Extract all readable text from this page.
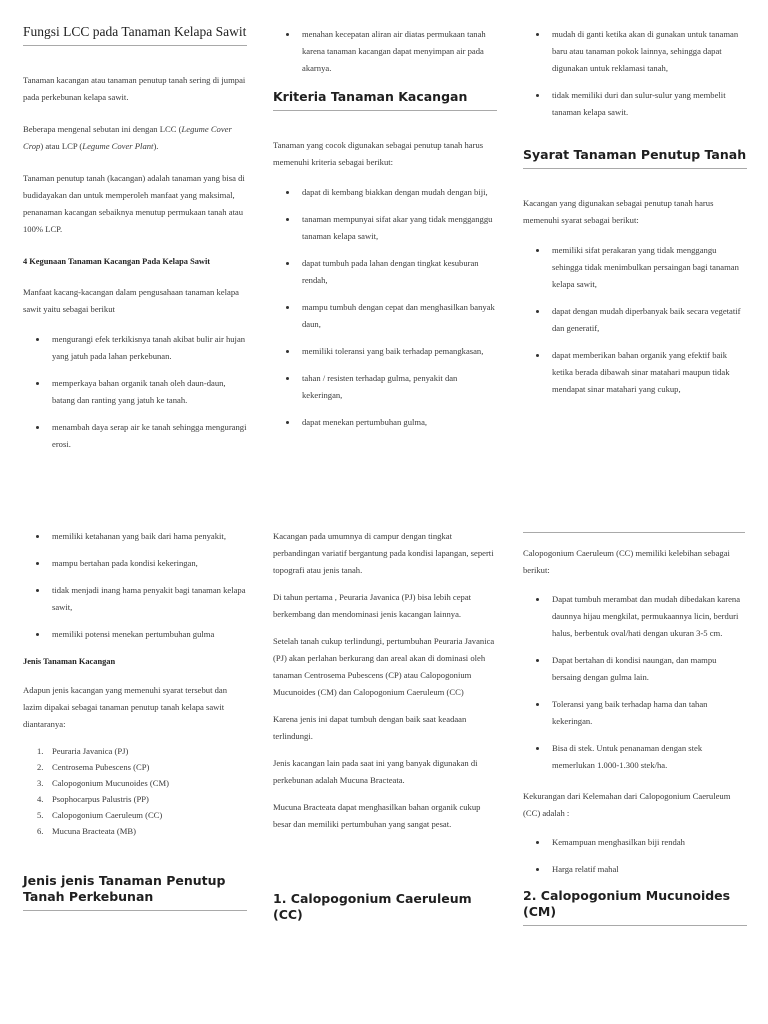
Fungsi LCC pada Tanaman Kelapa Sawit

Tanaman kacangan atau tanaman penutup tanah sering di jumpai pada perkebunan kelapa sawit.

Beberapa mengenal sebutan ini dengan LCC (Legume Cover Crop) atau LCP (Legume Cover Plant).

Tanaman penutup tanah (kacangan) adalah tanaman yang bisa di budidayakan dan untuk memperoleh manfaat yang maksimal, penanaman kacangan sebaiknya menutup permukaan tanah atau 100% LCP.

4 Kegunaan Tanaman Kacangan Pada Kelapa Sawit

Manfaat kacang-kacangan dalam pengusahaan tanaman kelapa sawit yaitu sebagai berikut

mengurangi efek terkikisnya tanah akibat bulir air hujan yang jatuh pada lahan perkebunan.
memperkaya bahan organik tanah oleh daun-daun, batang dan ranting yang jatuh ke tanah.
menambah daya serap air ke tanah sehingga mengurangi erosi.
menahan kecepatan aliran air diatas permukaan tanah karena tanaman kacangan dapat menyimpan air pada akarnya.
Kriteria Tanaman Kacangan

Tanaman yang cocok digunakan sebagai penutup tanah harus memenuhi kriteria sebagai berikut:

dapat di kembang biakkan dengan mudah dengan biji,
tanaman mempunyai sifat akar yang tidak mengganggu tanaman kelapa sawit,
dapat tumbuh pada lahan dengan tingkat kesuburan rendah,
mampu tumbuh dengan cepat dan menghasilkan banyak daun,
memiliki toleransi yang baik terhadap pemangkasan,
tahan / resisten terhadap gulma, penyakit dan kekeringan,
dapat menekan pertumbuhan gulma,
mudah di ganti ketika akan di gunakan untuk tanaman baru atau tanaman pokok lainnya, sehingga dapat digunakan untuk reklamasi tanah,
tidak memiliki duri dan sulur-sulur yang membelit tanaman kelapa sawit.
Syarat Tanaman Penutup Tanah

Kacangan yang digunakan sebagai penutup tanah harus memenuhi syarat sebagai berikut:

memiliki sifat perakaran yang tidak menggangu sehingga tidak menimbulkan persaingan bagi tanaman kelapa sawit,
dapat dengan mudah diperbanyak baik secara vegetatif dan generatif,
dapat memberikan bahan organik yang efektif baik ketika berada dibawah sinar matahari maupun tidak mendapat sinar matahari yang cukup,
memiliki ketahanan yang baik dari hama penyakit,
mampu bertahan pada kondisi kekeringan,
tidak menjadi inang hama penyakit bagi tanaman kelapa sawit,
memiliki potensi menekan pertumbuhan gulma

Jenis Tanaman Kacangan

Adapun jenis kacangan yang memenuhi syarat tersebut dan lazim dipakai sebagai tanaman penutup tanah kelapa sawit diantaranya:

1. Peuraria Javanica (PJ)
2. Centrosema Pubescens (CP)
3. Calopogonium Mucunoides (CM)
4. Psophocarpus Palustris (PP)
5. Calopogonium Caeruleum (CC)
6. Mucuna Bracteata (MB)
Jenis jenis Tanaman Penutup Tanah Perkebunan

Kacangan pada umumnya di campur dengan tingkat perbandingan variatif bergantung pada kondisi lapangan, seperti topografi atau jenis tanah.

Di tahun pertama , Peuraria Javanica (PJ) bisa lebih cepat berkembang dan mendominasi jenis kacangan lainnya.

Setelah tanah cukup terlindungi, pertumbuhan Peuraria Javanica (PJ) akan perlahan berkurang dan areal akan di dominasi oleh tanaman Centrosema Pubescens (CP) atau Calopogonium Mucunoides (CM) dan Calopogonium Caeruleum (CC)

Karena jenis ini dapat tumbuh dengan baik saat keadaan terlindungi.

Jenis kacangan lain pada saat ini yang banyak digunakan di perkebunan adalah Mucuna Bracteata.

Mucuna Bracteata dapat menghasilkan bahan organik cukup besar dan memiliki pertumbuhan yang sangat pesat.

1. Calopogonium Caeruleum (CC)

Calopogonium Caeruleum (CC) memiliki kelebihan sebagai berikut:

Dapat tumbuh merambat dan mudah dibedakan karena daunnya hijau mengkilat, permukaannya licin, berduri halus, berbentuk oval/hati dengan ukuran 3-5 cm.
Dapat bertahan di kondisi naungan, dan mampu bersaing dengan gulma lain.
Toleransi yang baik terhadap hama dan tahan kekeringan.
Bisa di stek. Untuk penanaman dengan stek memerlukan 1.000-1.300 stek/ha.

Kekurangan dari Kelemahan dari Calopogonium Caeruleum (CC) adalah :

Kemampuan menghasilkan biji rendah
Harga relatif mahal
2. Calopogonium Mucunoides (CM)
